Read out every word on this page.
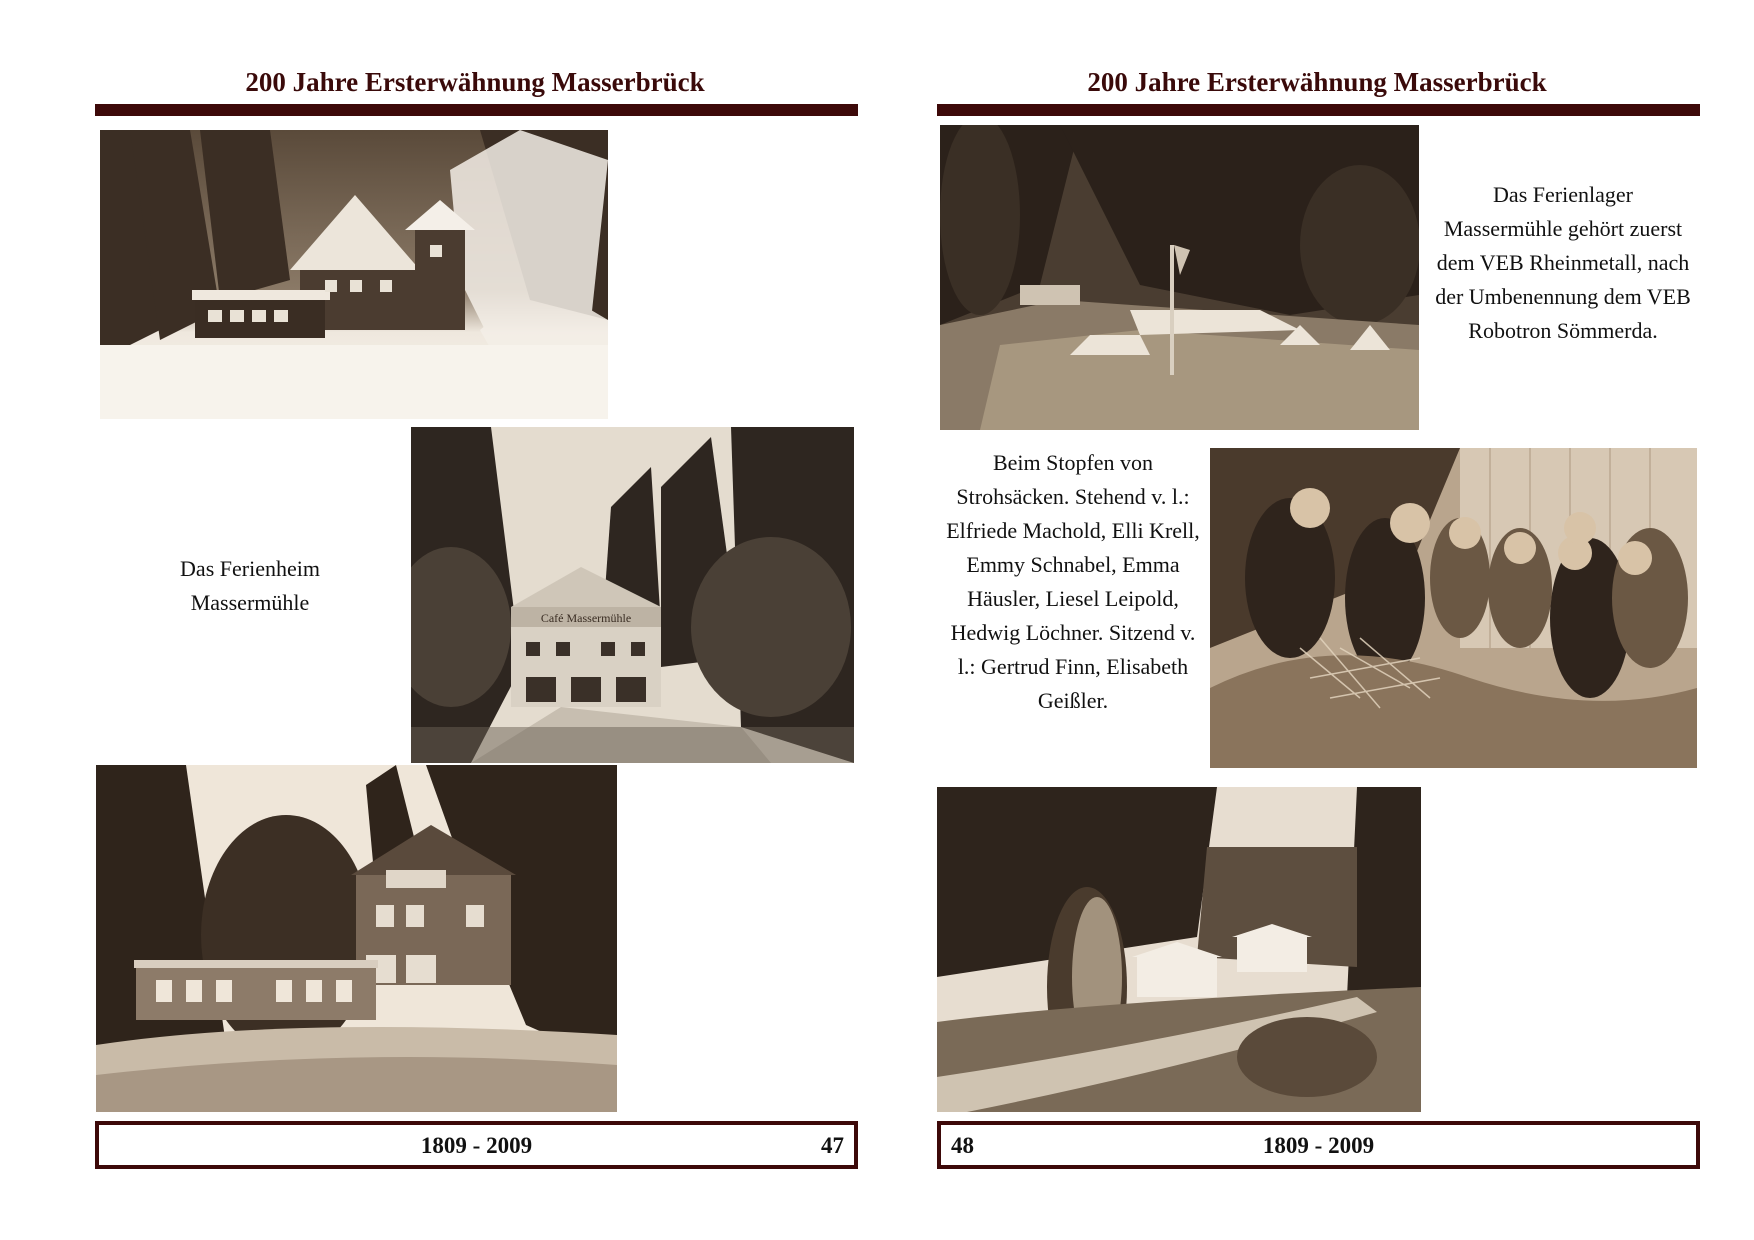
200 Jahre Ersterwähnung Masserbrück
Das Ferienheim Massermühle
Café Massermühle
1809 - 2009	47
200 Jahre Ersterwähnung Masserbrück
Das Ferienlager Massermühle gehört zuerst dem VEB Rheinmetall, nach der Umbenennung dem VEB Robotron Sömmerda.
Beim Stopfen von Strohsäcken. Stehend v. l.: Elfriede Machold, Elli Krell, Emmy Schnabel, Emma Häusler, Liesel Leipold, Hedwig Löchner. Sitzend v. l.: Gertrud Finn, Elisabeth Geißler.
48	1809 - 2009
